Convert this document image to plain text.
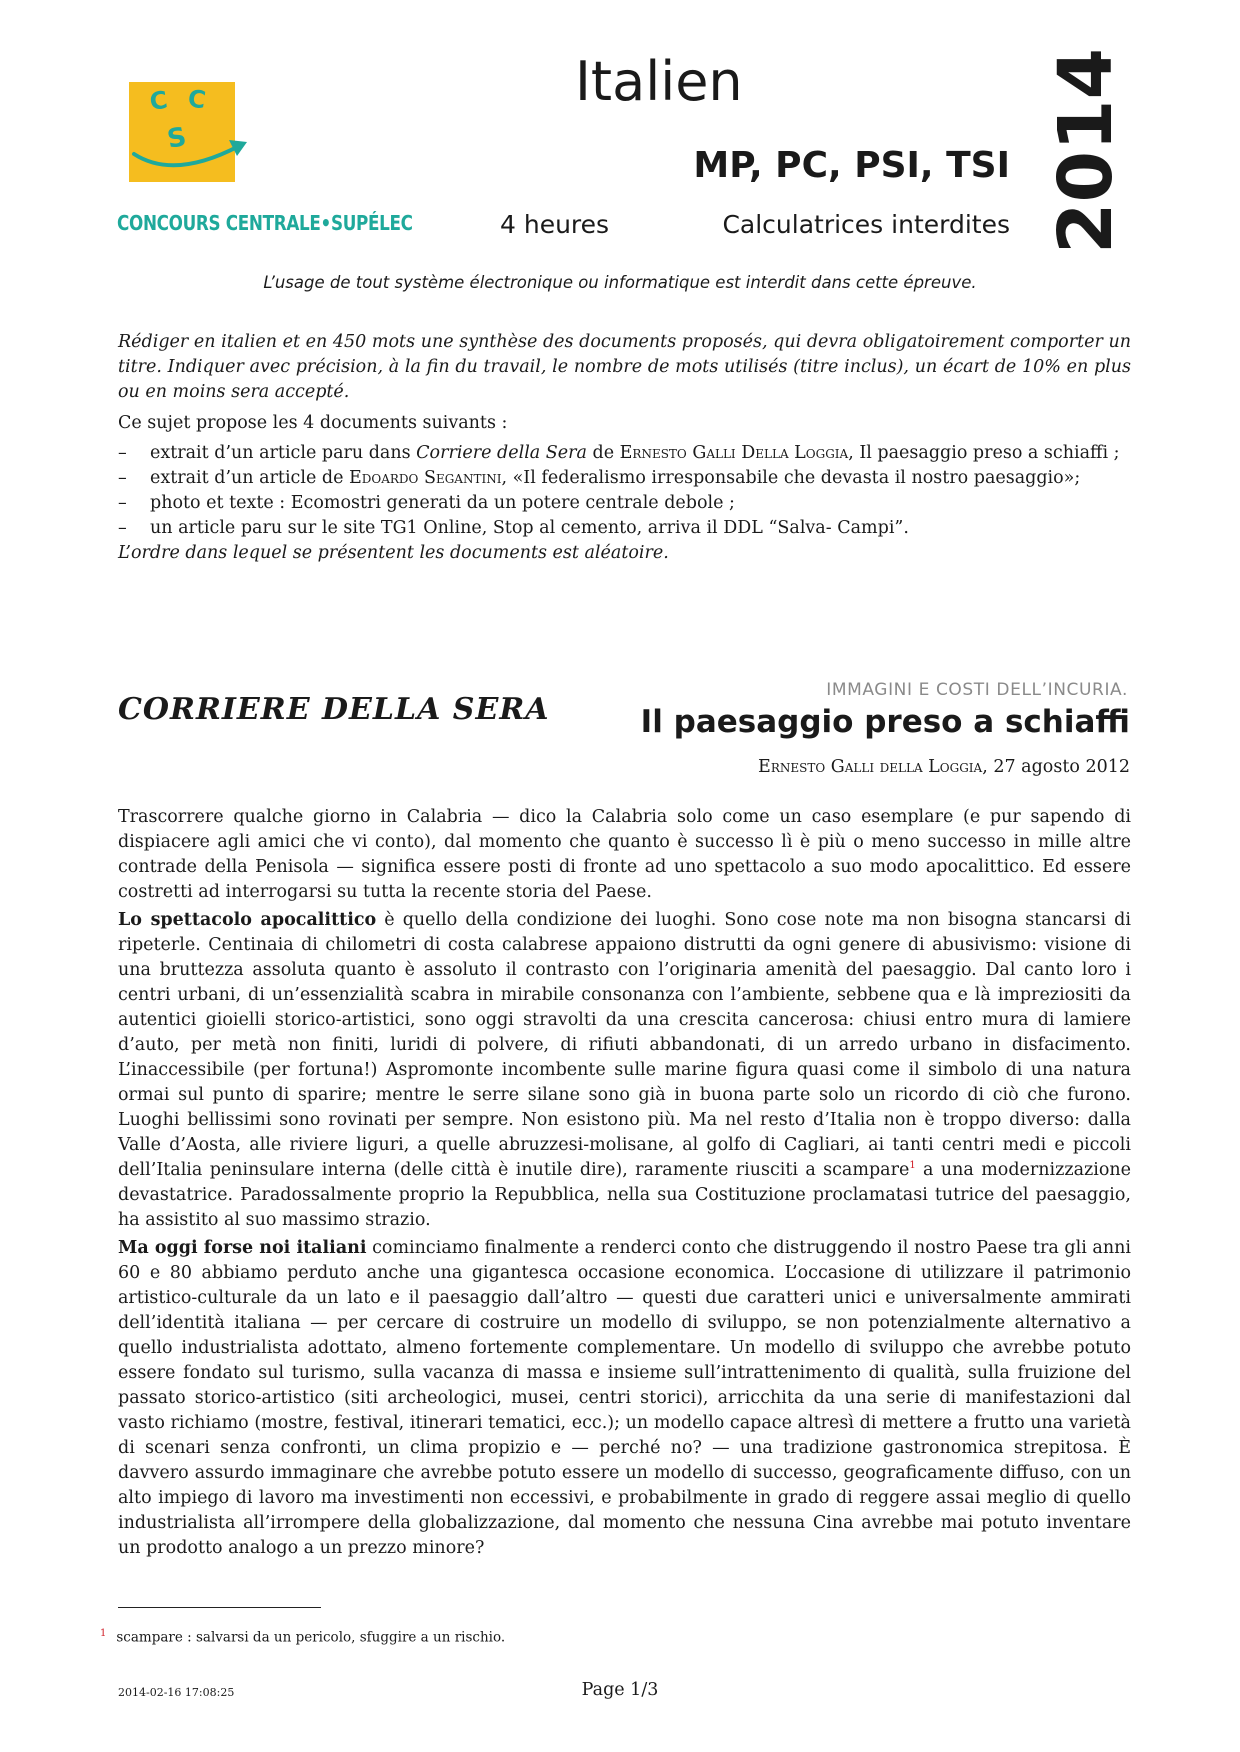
C C
S
CONCOURS CENTRALE•SUPÉLEC
Italien
MP, PC, PSI, TSI
4 heures	Calculatrices interdites 2014
L’usage de tout système électronique ou informatique est interdit dans cette épreuve.

Rédiger en italien et en 450 mots une synthèse des documents proposés, qui devra obligatoirement comporter un titre. Indiquer avec précision, à la fin du travail, le nombre de mots utilisés (titre inclus), un écart de 10% en plus ou en moins sera accepté.

Ce sujet propose les 4 documents suivants :

– extrait d’un article paru dans Corriere della Sera de Ernesto Galli Della Loggia, Il paesaggio preso a schiaffi ;
– extrait d’un article de Edoardo Segantini, «Il federalismo irresponsabile che devasta il nostro paesaggio»;
– photo et texte : Ecomostri generati da un potere centrale debole ;
– un article paru sur le site TG1 Online, Stop al cemento, arriva il DDL “Salva- Campi”.

L’ordre dans lequel se présentent les documents est aléatoire.

CORRIERE DELLA SERA
IMMAGINI E COSTI DELL’INCURIA.
Il paesaggio preso a schiaffi
Ernesto Galli della Loggia, 27 agosto 2012

Trascorrere qualche giorno in Calabria — dico la Calabria solo come un caso esemplare (e pur sapendo di dispiacere agli amici che vi conto), dal momento che quanto è successo lì è più o meno successo in mille altre contrade della Penisola — significa essere posti di fronte ad uno spettacolo a suo modo apocalittico. Ed essere costretti ad interrogarsi su tutta la recente storia del Paese.

Lo spettacolo apocalittico è quello della condizione dei luoghi. Sono cose note ma non bisogna stancarsi di ripeterle. Centinaia di chilometri di costa calabrese appaiono distrutti da ogni genere di abusivismo: visione di una bruttezza assoluta quanto è assoluto il contrasto con l’originaria amenità del paesaggio. Dal canto loro i centri urbani, di un’essenzialità scabra in mirabile consonanza con l’ambiente, sebbene qua e là impreziositi da autentici gioielli storico-artistici, sono oggi stravolti da una crescita cancerosa: chiusi entro mura di lamiere d’auto, per metà non finiti, luridi di polvere, di rifiuti abbandonati, di un arredo urbano in disfacimento. L’inaccessibile (per fortuna!) Aspromonte incombente sulle marine figura quasi come il simbolo di una natura ormai sul punto di sparire; mentre le serre silane sono già in buona parte solo un ricordo di ciò che furono. Luoghi bellissimi sono rovinati per sempre. Non esistono più. Ma nel resto d’Italia non è troppo diverso: dalla Valle d’Aosta, alle riviere liguri, a quelle abruzzesi-molisane, al golfo di Cagliari, ai tanti centri medi e piccoli dell’Italia peninsulare interna (delle città è inutile dire), raramente riusciti a scampare$^1$ a una modernizzazione devastatrice. Paradossalmente proprio la Repubblica, nella sua Costituzione proclamatasi tutrice del paesaggio, ha assistito al suo massimo strazio.

Ma oggi forse noi italiani cominciamo finalmente a renderci conto che distruggendo il nostro Paese tra gli anni 60 e 80 abbiamo perduto anche una gigantesca occasione economica. L’occasione di utilizzare il patrimonio artistico-culturale da un lato e il paesaggio dall’altro — questi due caratteri unici e universalmente ammirati dell’identità italiana — per cercare di costruire un modello di sviluppo, se non potenzialmente alternativo a quello industrialista adottato, almeno fortemente complementare. Un modello di sviluppo che avrebbe potuto essere fondato sul turismo, sulla vacanza di massa e insieme sull’intrattenimento di qualità, sulla fruizione del passato storico-artistico (siti archeologici, musei, centri storici), arricchita da una serie di manifestazioni dal vasto richiamo (mostre, festival, itinerari tematici, ecc.); un modello capace altresì di mettere a frutto una varietà di scenari senza confronti, un clima propizio e — perché no? — una tradizione gastronomica strepitosa. È davvero assurdo immaginare che avrebbe potuto essere un modello di successo, geograficamente diffuso, con un alto impiego di lavoro ma investimenti non eccessivi, e probabilmente in grado di reggere assai meglio di quello industrialista all’irrompere della globalizzazione, dal momento che nessuna Cina avrebbe mai potuto inventare un prodotto analogo a un prezzo minore?

$^1$ scampare : salvarsi da un pericolo, sfuggire a un rischio.
2014-02-16 17:08:25	Page 1/3
